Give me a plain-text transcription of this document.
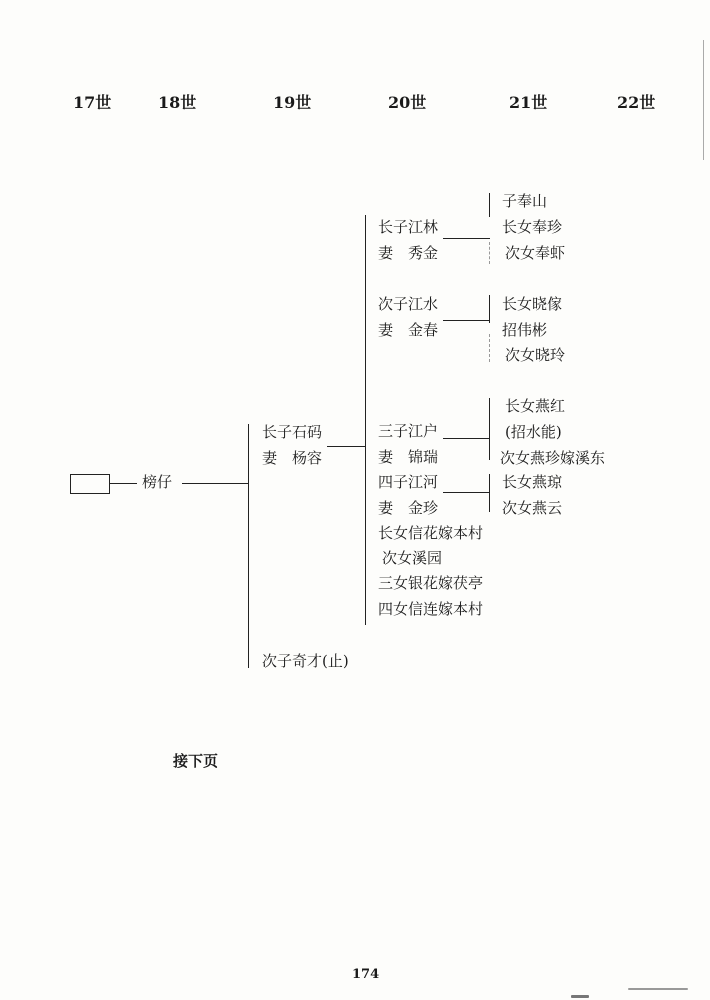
17世	18世	19世	20世	21世	22世
榜仔
长子石码
妻　杨容
次子奇才(止)
长子江林
妻　秀金
次子江水
妻　金春
三子江户
妻　锦瑞
四子江河
妻　金珍
长女信花嫁本村
次女溪园
三女银花嫁茯亭
四女信连嫁本村
子奉山
长女奉珍
次女奉虾
长女晓傢
招伟彬
次女晓玲
长女燕红
(招水能)
次女燕珍嫁溪东
长女燕琼
次女燕云
接下页
174
